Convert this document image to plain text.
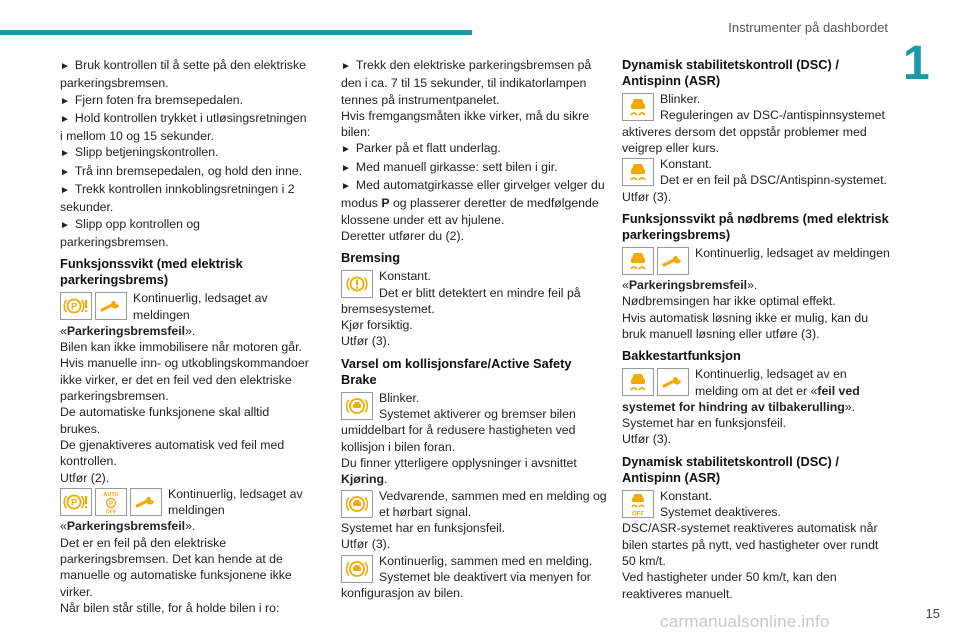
Instrumenter på dashbordet
1

► Bruk kontrollen til å sette på den elektriske parkeringsbremsen.

► Fjern foten fra bremsepedalen.

► Hold kontrollen trykket i utløsingsretningen i mellom 10 og 15 sekunder.

► Slipp betjeningskontrollen.

► Trå inn bremsepedalen, og hold den inne.

► Trekk kontrollen innkoblingsretningen i 2 sekunder.

► Slipp opp kontrollen og parkeringsbremsen.

Funksjonssvikt (med elektrisk parkeringsbrems)
P

Kontinuerlig, ledsaget av meldingen

«Parkeringsbremsfeil».

Bilen kan ikke immobilisere når motoren går.

Hvis manuelle inn- og utkoblingskommandoer ikke virker, er det en feil ved den elektriske parkeringsbremsen.

De automatiske funksjonene skal alltid brukes.

De gjenaktiveres automatisk ved feil med kontrollen.

Utfør (2).

P
AUTO
P
OFF

Kontinuerlig, ledsaget av meldingen

«Parkeringsbremsfeil».

Det er en feil på den elektriske parkeringsbremsen. Det kan hende at de manuelle og automatiske funksjonene ikke virker.

Når bilen står stille, for å holde bilen i ro:

► Trekk den elektriske parkeringsbremsen på den i ca. 7 til 15 sekunder, til indikatorlampen tennes på instrumentpanelet.

Hvis fremgangsmåten ikke virker, må du sikre bilen:

► Parker på et flatt underlag.

► Med manuell girkasse: sett bilen i gir.

► Med automatgirkasse eller girvelger velger du modus P og plasserer deretter de medfølgende klossene under ett av hjulene.

Deretter utfører du (2).

Bremsing

Konstant.

Det er blitt detektert en mindre feil på bremsesystemet.

Kjør forsiktig.

Utfør (3).

Varsel om kollisjonsfare/Active Safety Brake

Blinker.

Systemet aktiverer og bremser bilen umiddelbart for å redusere hastigheten ved kollisjon i bilen foran.

Du finner ytterligere opplysninger i avsnittet

Kjøring.

Vedvarende, sammen med en melding og et hørbart signal.

Systemet har en funksjonsfeil.

Utfør (3).

Kontinuerlig, sammen med en melding.

Systemet ble deaktivert via menyen for konfigurasjon av bilen.

Dynamisk stabilitetskontroll (DSC) / Antispinn (ASR)

Blinker.

Reguleringen av DSC-/antispinnsystemet aktiveres dersom det oppstår problemer med veigrep eller kurs.

Konstant.

Det er en feil på DSC/Antispinn-systemet.

Utfør (3).

Funksjonssvikt på nødbrems (med elektrisk parkeringsbrems)

Kontinuerlig, ledsaget av meldingen

«Parkeringsbremsfeil».

Nødbremsingen har ikke optimal effekt.

Hvis automatisk løsning ikke er mulig, kan du bruk manuell løsning eller utføre (3).

Bakkestartfunksjon

Kontinuerlig, ledsaget av en melding om at det er «feil ved systemet for hindring av tilbakerulling».

Systemet har en funksjonsfeil.

Utfør (3).

Dynamisk stabilitetskontroll (DSC) / Antispinn (ASR)
OFF

Konstant.

Systemet deaktiveres.

DSC/ASR-systemet reaktiveres automatisk når bilen startes på nytt, ved hastigheter over rundt 50 km/t.

Ved hastigheter under 50 km/t, kan den reaktiveres manuelt.

carmanualsonline.info	15
